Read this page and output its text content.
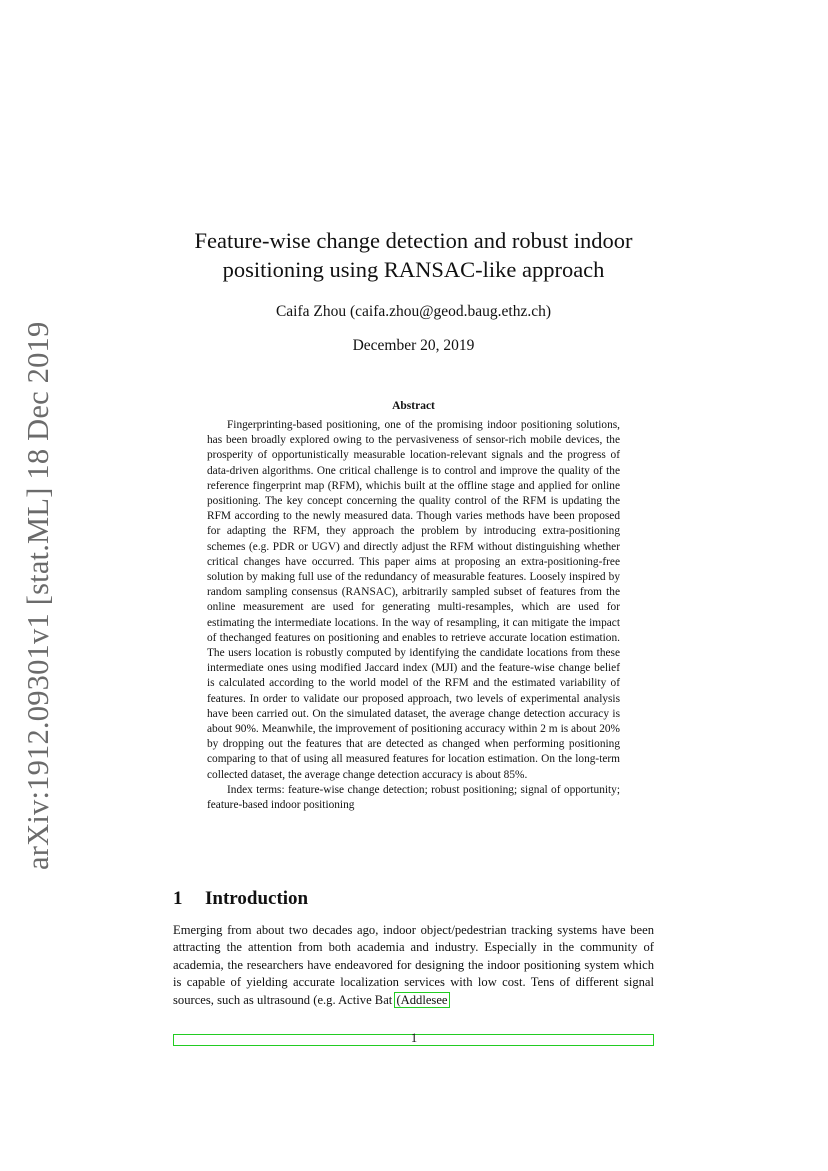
arXiv:1912.09301v1 [stat.ML] 18 Dec 2019
Feature-wise change detection and robust indoor positioning using RANSAC-like approach
Caifa Zhou (caifa.zhou@geod.baug.ethz.ch)
December 20, 2019
Abstract

Fingerprinting-based positioning, one of the promising indoor positioning solutions, has been broadly explored owing to the pervasiveness of sensor-rich mobile devices, the prosperity of opportunistically measurable location-relevant signals and the progress of data-driven algorithms. One critical challenge is to control and improve the quality of the reference fingerprint map (RFM), whichis built at the offline stage and applied for online positioning. The key concept concerning the quality control of the RFM is updating the RFM according to the newly measured data. Though varies methods have been proposed for adapting the RFM, they approach the problem by introducing extra-positioning schemes (e.g. PDR or UGV) and directly adjust the RFM without distinguishing whether critical changes have occurred. This paper aims at proposing an extra-positioning-free solution by making full use of the redundancy of measurable features. Loosely inspired by random sampling consensus (RANSAC), arbitrarily sampled subset of features from the online measurement are used for generating multi-resamples, which are used for estimating the intermediate locations. In the way of resampling, it can mitigate the impact of thechanged features on positioning and enables to retrieve accurate location estimation. The users location is robustly computed by identifying the candidate locations from these intermediate ones using modified Jaccard index (MJI) and the feature-wise change belief is calculated according to the world model of the RFM and the estimated variability of features. In order to validate our proposed approach, two levels of experimental analysis have been carried out. On the simulated dataset, the average change detection accuracy is about 90%. Meanwhile, the improvement of positioning accuracy within 2 m is about 20% by dropping out the features that are detected as changed when performing positioning comparing to that of using all measured features for location estimation. On the long-term collected dataset, the average change detection accuracy is about 85%.

Index terms: feature-wise change detection; robust positioning; signal of opportunity; feature-based indoor positioning

1 Introduction

Emerging from about two decades ago, indoor object/pedestrian tracking systems have been attracting the attention from both academia and industry. Especially in the community of academia, the researchers have endeavored for designing the indoor positioning system which is capable of yielding accurate localization services with low cost. Tens of different signal sources, such as ultrasound (e.g. Active Bat (Addlesee

1
